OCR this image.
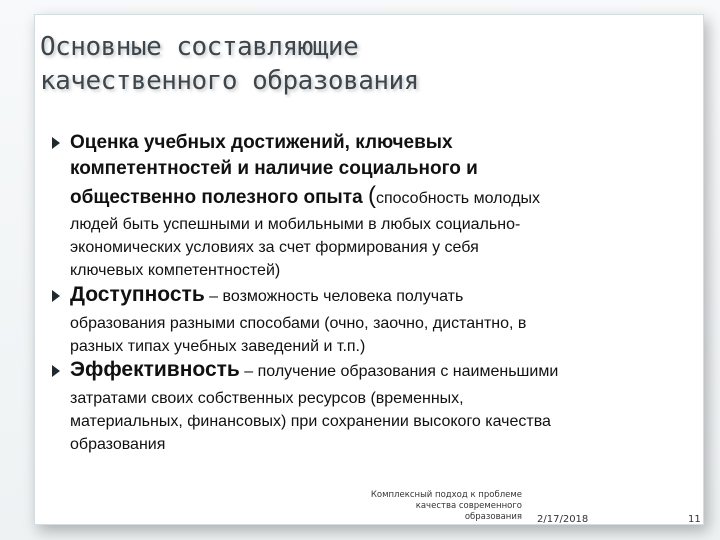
Основные составляющие
качественного образования
Оценка учебных достижений, ключевых
компетентностей и наличие социального и
общественно полезного опыта (способность молодых
людей быть успешными и мобильными в любых социально-
экономических условиях за счет формирования у себя
ключевых компетентностей)
Доступность – возможность человека получать
образования разными способами (очно, заочно, дистантно, в
разных типах учебных заведений и т.п.)
Эффективность – получение образования с наименьшими
затратами своих собственных ресурсов (временных,
материальных, финансовых) при сохранении высокого качества
образования
Комплексный подход к проблеме
качества современного
образования 2/17/2018	11
